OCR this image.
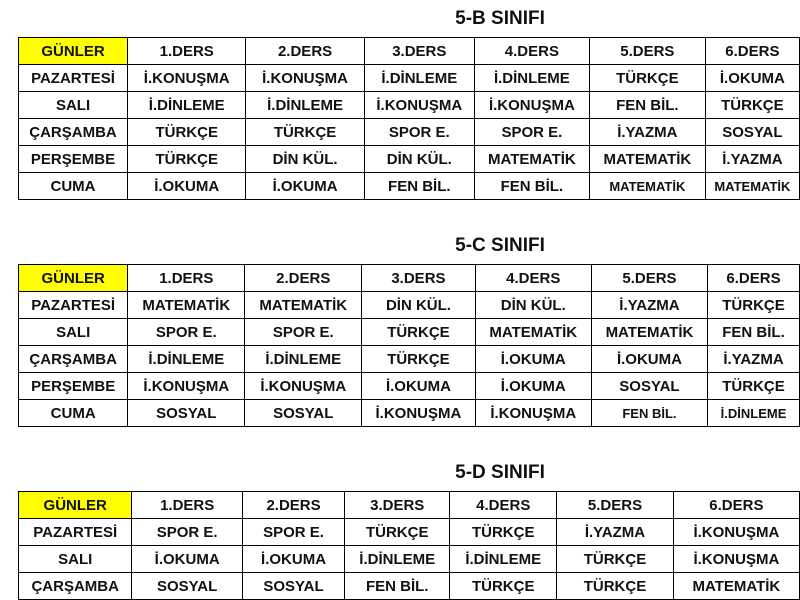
5-B SINIFI
GÜNLER	1.DERS	2.DERS	3.DERS	4.DERS	5.DERS	6.DERS
PAZARTESİ	İ.KONUŞMA	İ.KONUŞMA	İ.DİNLEME	İ.DİNLEME	TÜRKÇE	İ.OKUMA
SALI	İ.DİNLEME	İ.DİNLEME	İ.KONUŞMA	İ.KONUŞMA	FEN BİL.	TÜRKÇE
ÇARŞAMBA	TÜRKÇE	TÜRKÇE	SPOR E.	SPOR E.	İ.YAZMA	SOSYAL
PERŞEMBE	TÜRKÇE	DİN KÜL.	DİN KÜL.	MATEMATİK	MATEMATİK	İ.YAZMA
CUMA	İ.OKUMA	İ.OKUMA	FEN BİL.	FEN BİL.	MATEMATİK	MATEMATİK
5-C SINIFI
GÜNLER	1.DERS	2.DERS	3.DERS	4.DERS	5.DERS	6.DERS
PAZARTESİ	MATEMATİK	MATEMATİK	DİN KÜL.	DİN KÜL.	İ.YAZMA	TÜRKÇE
SALI	SPOR E.	SPOR E.	TÜRKÇE	MATEMATİK	MATEMATİK	FEN BİL.
ÇARŞAMBA	İ.DİNLEME	İ.DİNLEME	TÜRKÇE	İ.OKUMA	İ.OKUMA	İ.YAZMA
PERŞEMBE	İ.KONUŞMA	İ.KONUŞMA	İ.OKUMA	İ.OKUMA	SOSYAL	TÜRKÇE
CUMA	SOSYAL	SOSYAL	İ.KONUŞMA	İ.KONUŞMA	FEN BİL.	İ.DİNLEME
5-D SINIFI
GÜNLER	1.DERS	2.DERS	3.DERS	4.DERS	5.DERS	6.DERS
PAZARTESİ	SPOR E.	SPOR E.	TÜRKÇE	TÜRKÇE	İ.YAZMA	İ.KONUŞMA
SALI	İ.OKUMA	İ.OKUMA	İ.DİNLEME	İ.DİNLEME	TÜRKÇE	İ.KONUŞMA
ÇARŞAMBA	SOSYAL	SOSYAL	FEN BİL.	TÜRKÇE	TÜRKÇE	MATEMATİK
